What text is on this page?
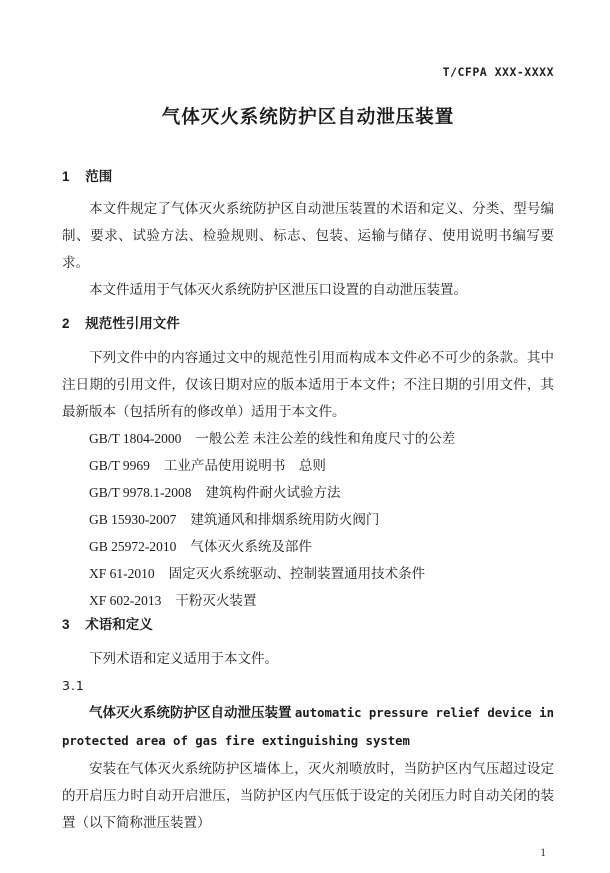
T/CFPA XXX-XXXX
气体灭火系统防护区自动泄压装置
1 范围

本文件规定了气体灭火系统防护区自动泄压装置的术语和定义、分类、型号编制、要求、试验方法、检验规则、标志、包装、运输与储存、使用说明书编写要求。

本文件适用于气体灭火系统防护区泄压口设置的自动泄压装置。

2 规范性引用文件

下列文件中的内容通过文中的规范性引用而构成本文件必不可少的条款。其中注日期的引用文件，仅该日期对应的版本适用于本文件；不注日期的引用文件，其最新版本（包括所有的修改单）适用于本文件。

GB/T 1804-2000 一般公差 未注公差的线性和角度尺寸的公差
GB/T 9969 工业产品使用说明书　总则
GB/T 9978.1-2008 建筑构件耐火试验方法
GB 15930-2007 建筑通风和排烟系统用防火阀门
GB 25972-2010 气体灭火系统及部件
XF 61-2010 固定灭火系统驱动、控制装置通用技术条件
XF 602-2013 干粉灭火装置
3 术语和定义

下列术语和定义适用于本文件。

3.1

气体灭火系统防护区自动泄压装置 automatic pressure relief device in protected area of gas fire extinguishing system

安装在气体灭火系统防护区墙体上，灭火剂喷放时，当防护区内气压超过设定的开启压力时自动开启泄压，当防护区内气压低于设定的关闭压力时自动关闭的装置（以下简称泄压装置）

1
